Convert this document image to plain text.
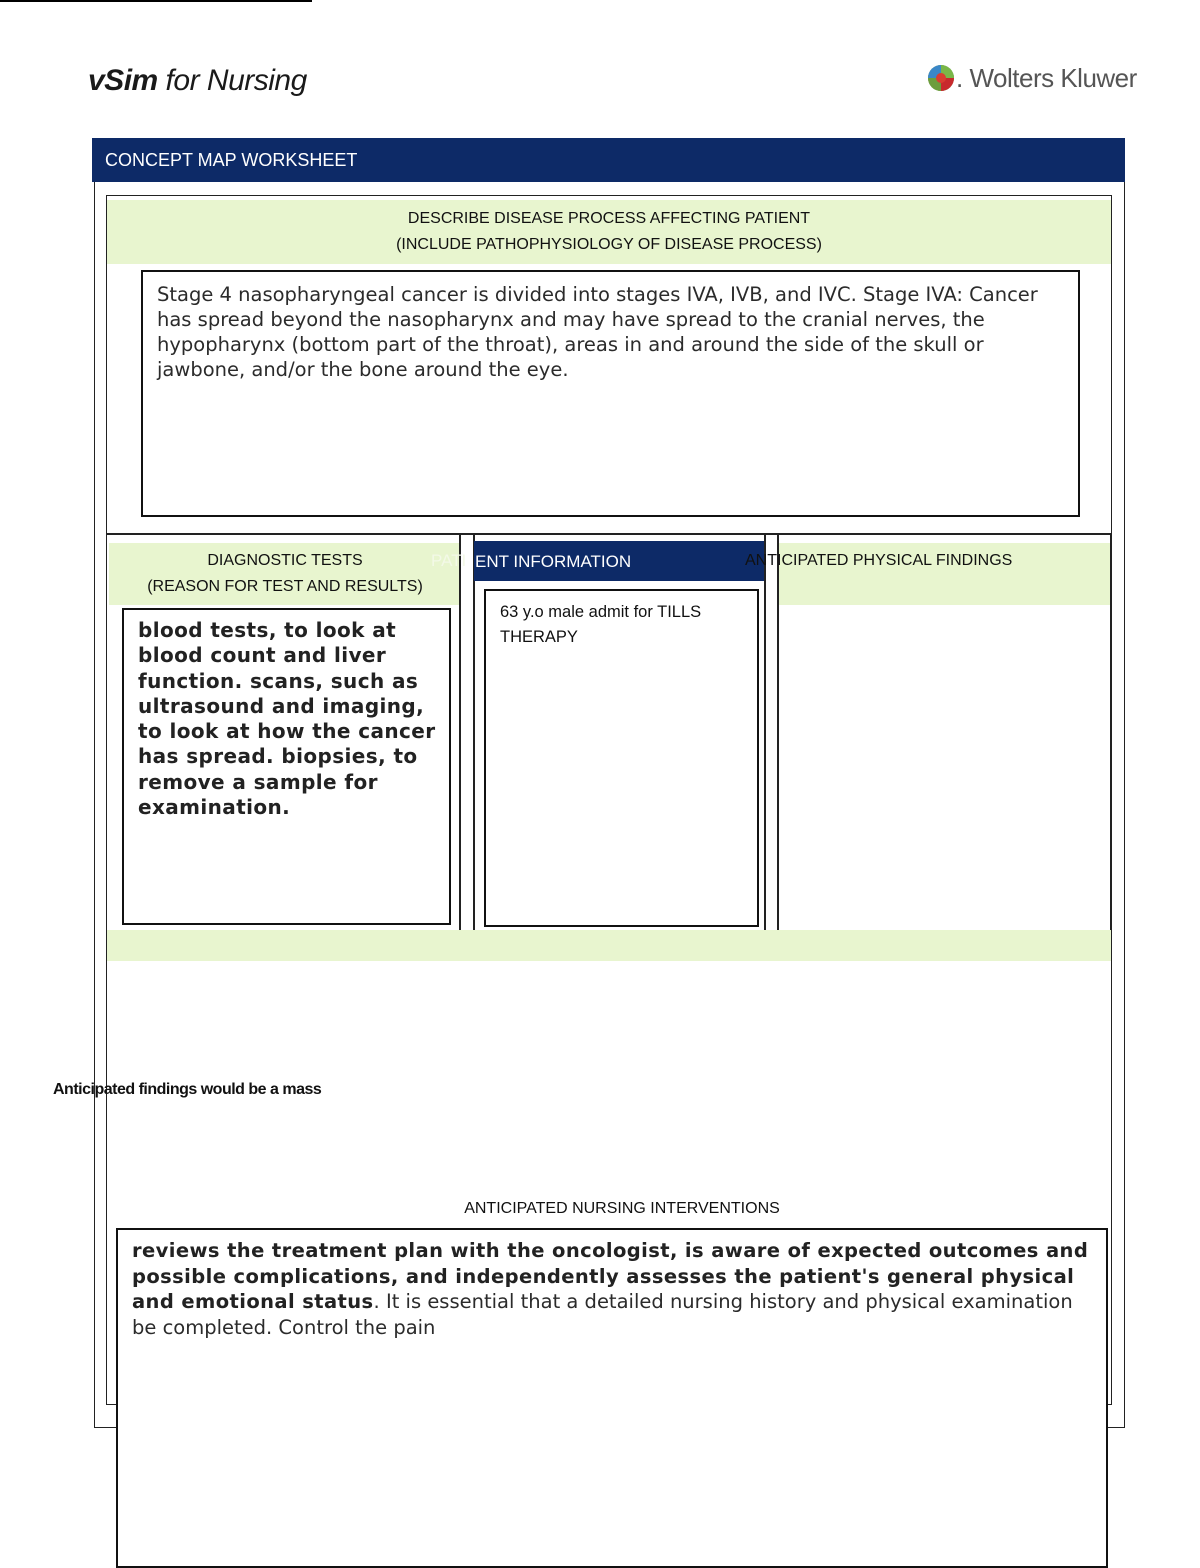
vSim for Nursing	. Wolters Kluwer
CONCEPT MAP WORKSHEET
DESCRIBE DISEASE PROCESS AFFECTING PATIENT
(INCLUDE PATHOPHYSIOLOGY OF DISEASE PROCESS)
Stage 4 nasopharyngeal cancer is divided into stages IVA, IVB, and IVC. Stage IVA: Cancer has spread beyond the nasopharynx and may have spread to the cranial nerves, the hypopharynx (bottom part of the throat), areas in and around the side of the skull or jawbone, and/or the bone around the eye.
DIAGNOSTIC TESTS
(REASON FOR TEST AND RESULTS)
blood tests, to look at blood count and liver function. scans, such as ultrasound and imaging, to look at how the cancer has spread. biopsies, to remove a sample for examination.
ENT INFORMATION
PATI
63 y.o male admit for TILLS THERAPY
ANTICIPATED PHYSICAL FINDINGS
Anticipated findings would be a mass
ANTICIPATED NURSING INTERVENTIONS
reviews the treatment plan with the oncologist, is aware of expected outcomes and possible complications, and independently assesses the patient's general physical and emotional status. It is essential that a detailed nursing history and physical examination be completed. Control the pain
